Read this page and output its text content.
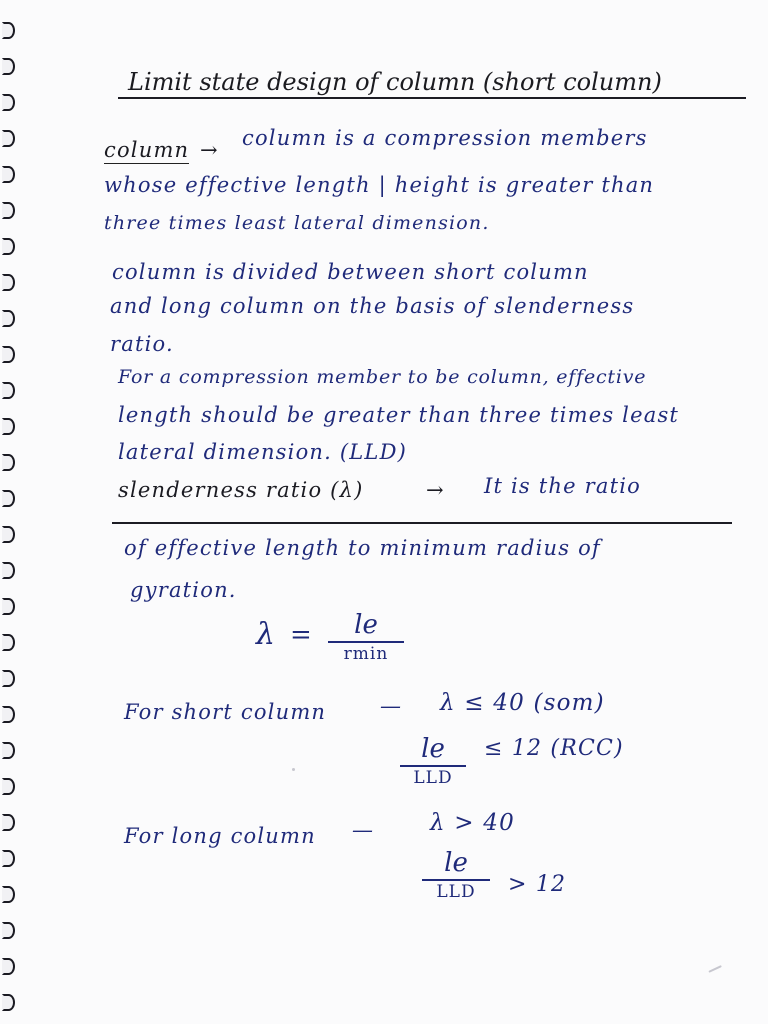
Limit state design of column (short column)
column → column is a compression members
whose effective length | height is greater than
three times least lateral dimension.
column is divided between short column
and long column on the basis of slenderness
ratio.
For a compression member to be column, effective
length should be greater than three times least
lateral dimension. (LLD)
slenderness ratio (λ)	→ It is the ratio
of effective length to minimum radius of
gyration.
λ =	le
rmin
For short column	— λ ≤ 40 (som)
le
LLD
≤ 12 (RCC)
For long column — λ > 40
le
LLD	> 12
